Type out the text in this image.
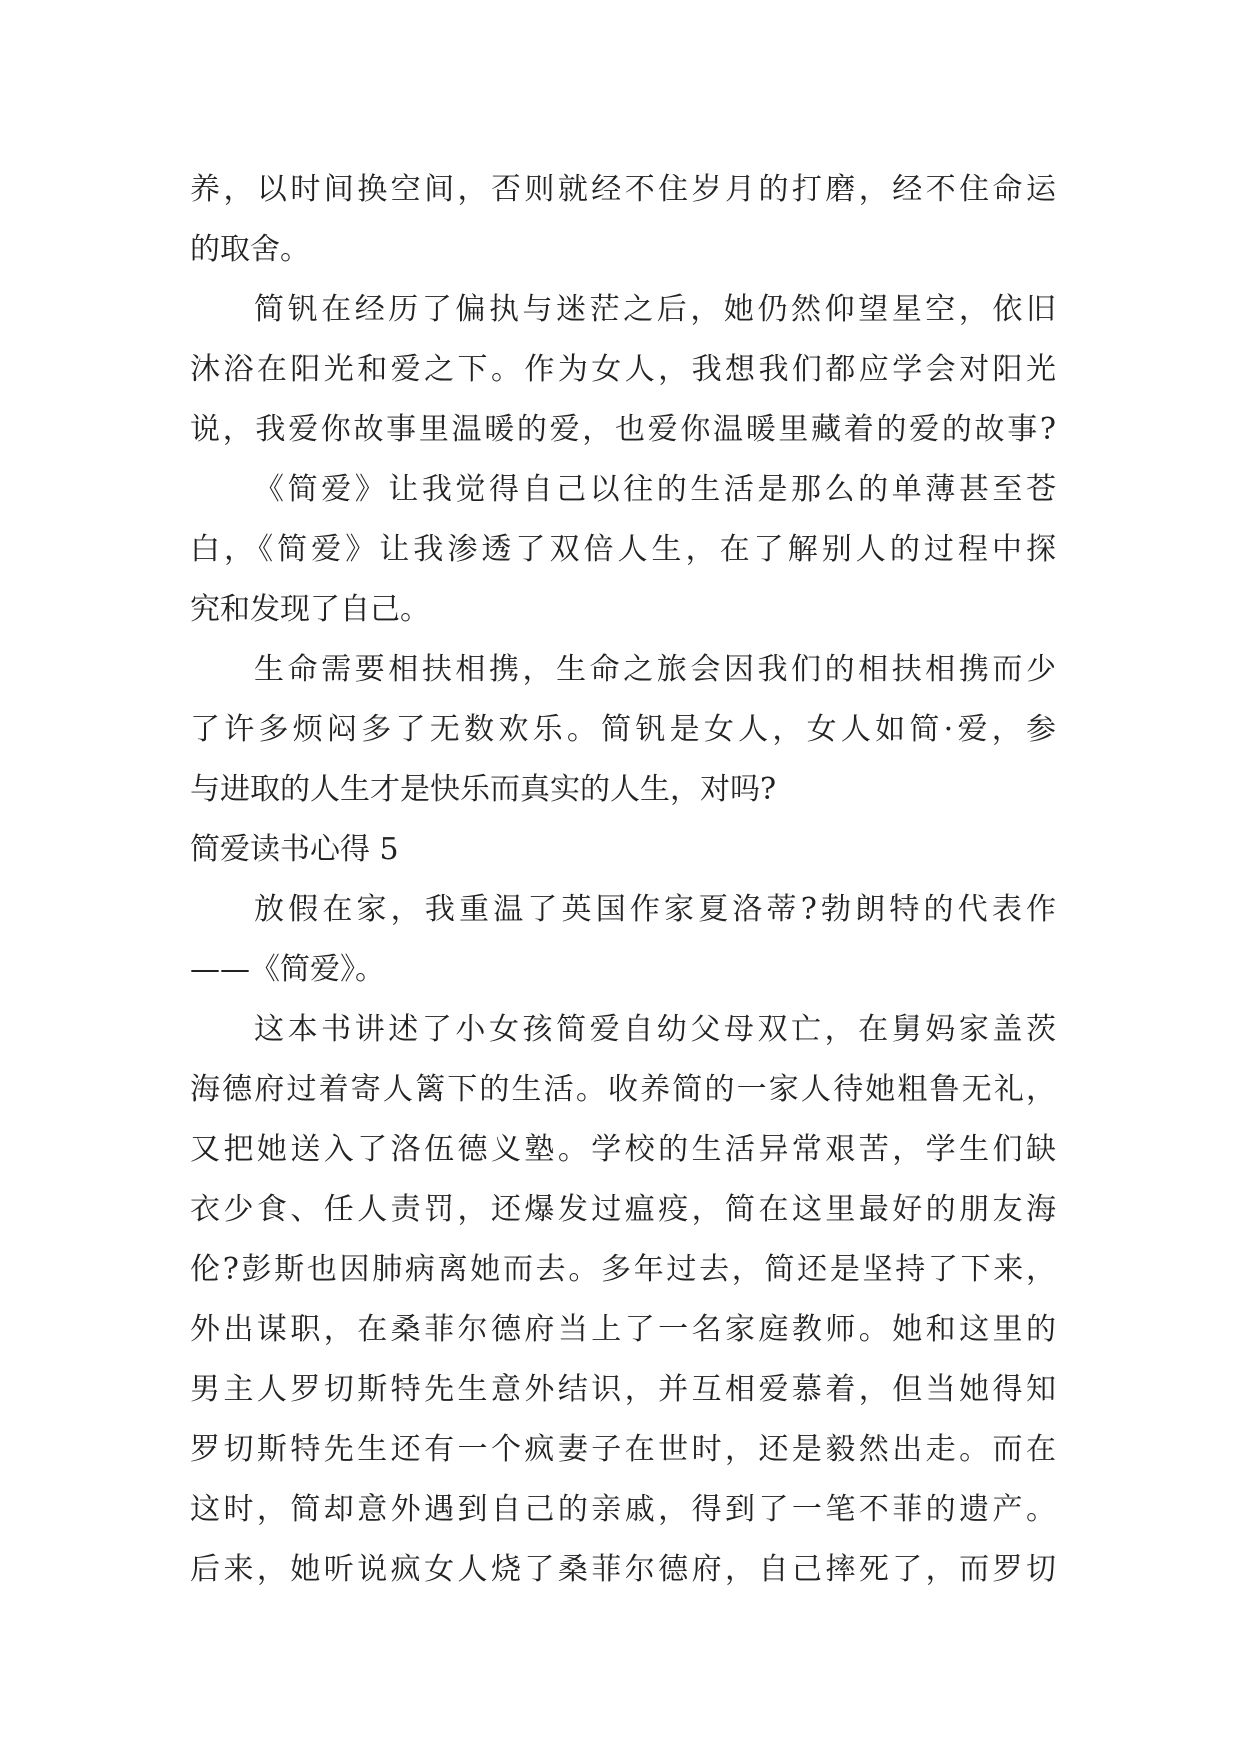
养，以时间换空间，否则就经不住岁月的打磨，经不住命运
的取舍。
简钒在经历了偏执与迷茫之后，她仍然仰望星空，依旧
沐浴在阳光和爱之下。作为女人，我想我们都应学会对阳光
说，我爱你故事里温暖的爱，也爱你温暖里藏着的爱的故事?
《简爱》让我觉得自己以往的生活是那么的单薄甚至苍
白，《简爱》让我渗透了双倍人生，在了解别人的过程中探
究和发现了自己。
生命需要相扶相携，生命之旅会因我们的相扶相携而少
了许多烦闷多了无数欢乐。简钒是女人，女人如简·爱，参
与进取的人生才是快乐而真实的人生，对吗?
简爱读书心得 5
放假在家，我重温了英国作家夏洛蒂?勃朗特的代表作
——《简爱》。
这本书讲述了小女孩简爱自幼父母双亡，在舅妈家盖茨
海德府过着寄人篱下的生活。收养简的一家人待她粗鲁无礼，
又把她送入了洛伍德义塾。学校的生活异常艰苦，学生们缺
衣少食、任人责罚，还爆发过瘟疫，简在这里最好的朋友海
伦?彭斯也因肺病离她而去。多年过去，简还是坚持了下来，
外出谋职，在桑菲尔德府当上了一名家庭教师。她和这里的
男主人罗切斯特先生意外结识，并互相爱慕着，但当她得知
罗切斯特先生还有一个疯妻子在世时，还是毅然出走。而在
这时，简却意外遇到自己的亲戚，得到了一笔不菲的遗产。
后来，她听说疯女人烧了桑菲尔德府，自己摔死了，而罗切
